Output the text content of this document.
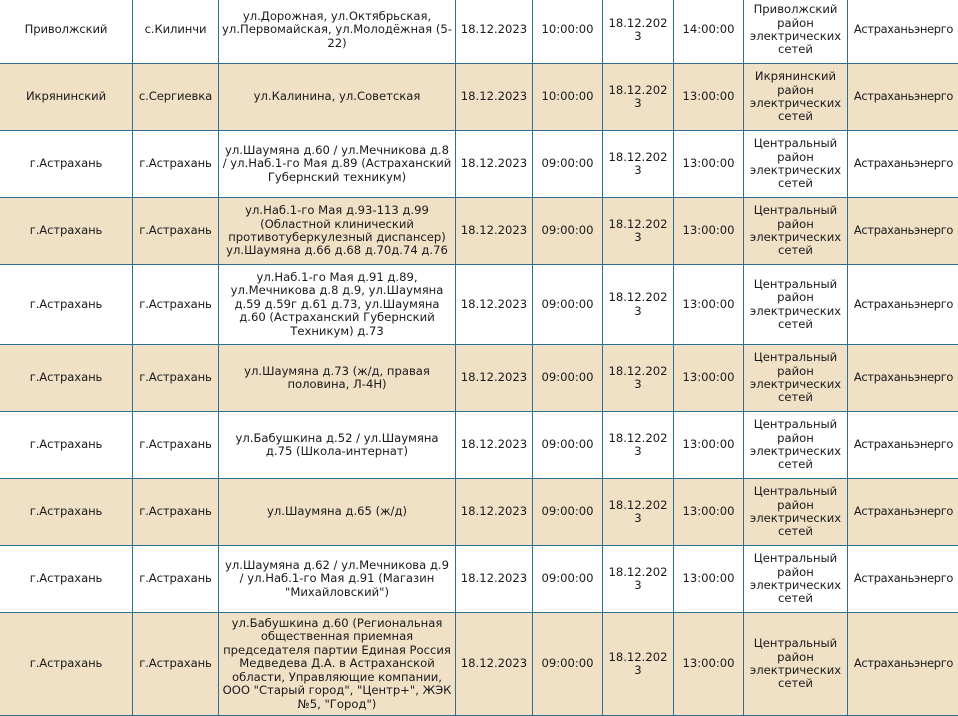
Приволжский	с.Килинчи	ул.Дорожная, ул.Октябрьская, ул.Первомайская, ул.Молодёжная (5-22)	18.12.2023	10:00:00	18.12.2023	14:00:00	Приволжский район электрических сетей	Астраханьэнерго
Икрянинский	с.Сергиевка	ул.Калинина, ул.Советская	18.12.2023	10:00:00	18.12.2023	13:00:00	Икрянинский район электрических сетей	Астраханьэнерго
г.Астрахань	г.Астрахань	ул.Шаумяна д.60 / ул.Мечникова д.8 / ул.Наб.1-го Мая д.89 (Астраханский Губернский техникум)	18.12.2023	09:00:00	18.12.2023	13:00:00	Центральный район электрических сетей	Астраханьэнерго
г.Астрахань	г.Астрахань	ул.Наб.1-го Мая д.93-113 д.99 (Областной клинический противотуберкулезный диспансер) ул.Шаумяна д.66 д.68 д.70д.74 д.76	18.12.2023	09:00:00	18.12.2023	13:00:00	Центральный район электрических сетей	Астраханьэнерго
г.Астрахань	г.Астрахань	ул.Наб.1-го Мая д.91 д.89, ул.Мечникова д.8 д.9, ул.Шаумяна д.59 д.59г д.61 д.73, ул.Шаумяна д.60 (Астраханский Губернский Техникум) д.73	18.12.2023	09:00:00	18.12.2023	13:00:00	Центральный район электрических сетей	Астраханьэнерго
г.Астрахань	г.Астрахань	ул.Шаумяна д.73 (ж/д, правая половина, Л-4Н)	18.12.2023	09:00:00	18.12.2023	13:00:00	Центральный район электрических сетей	Астраханьэнерго
г.Астрахань	г.Астрахань	ул.Бабушкина д.52 / ул.Шаумяна д.75 (Школа-интернат)	18.12.2023	09:00:00	18.12.2023	13:00:00	Центральный район электрических сетей	Астраханьэнерго
г.Астрахань	г.Астрахань	ул.Шаумяна д.65 (ж/д)	18.12.2023	09:00:00	18.12.2023	13:00:00	Центральный район электрических сетей	Астраханьэнерго
г.Астрахань	г.Астрахань	ул.Шаумяна д.62 / ул.Мечникова д.9 / ул.Наб.1-го Мая д.91 (Магазин "Михайловский")	18.12.2023	09:00:00	18.12.2023	13:00:00	Центральный район электрических сетей	Астраханьэнерго
г.Астрахань	г.Астрахань	ул.Бабушкина д.60 (Региональная общественная приемная председателя партии Единая Россия Медведева Д.А. в Астраханской области, Управляющие компании, ООО "Старый город", "Центр+", ЖЭК №5, "Город")	18.12.2023	09:00:00	18.12.2023	13:00:00	Центральный район электрических сетей	Астраханьэнерго
